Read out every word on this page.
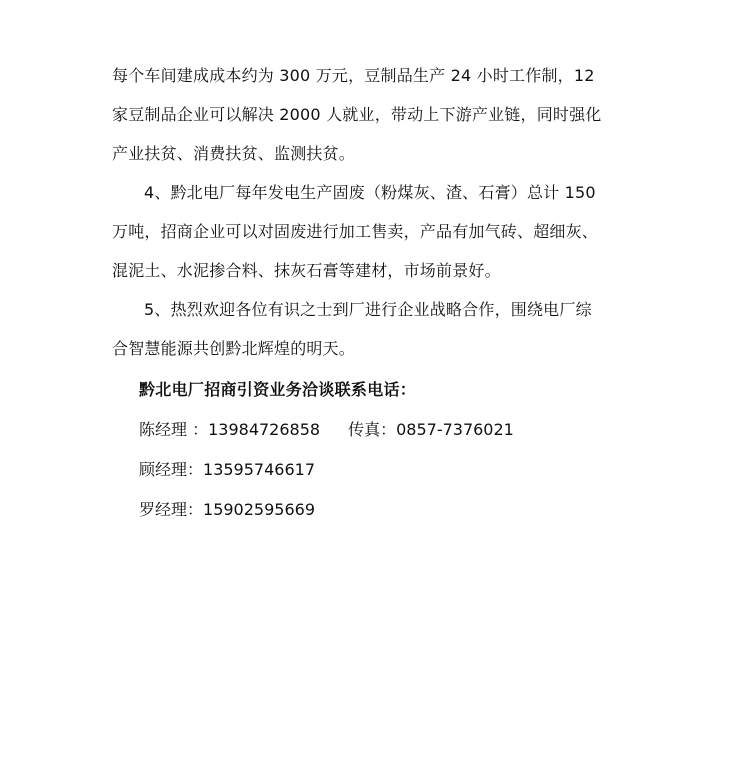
每个车间建成成本约为 300 万元，豆制品生产 24 小时工作制，12
家豆制品企业可以解决 2000 人就业，带动上下游产业链，同时强化
产业扶贫、消费扶贫、监测扶贫。

4、黔北电厂每年发电生产固废（粉煤灰、渣、石膏）总计 150
万吨，招商企业可以对固废进行加工售卖，产品有加气砖、超细灰、
混泥土、水泥掺合料、抹灰石膏等建材，市场前景好。

5、热烈欢迎各位有识之士到厂进行企业战略合作，围绕电厂综
合智慧能源共创黔北辉煌的明天。

黔北电厂招商引资业务洽谈联系电话：

陈经理 ：13984726858 传真：0857-7376021

顾经理：13595746617

罗经理：15902595669
